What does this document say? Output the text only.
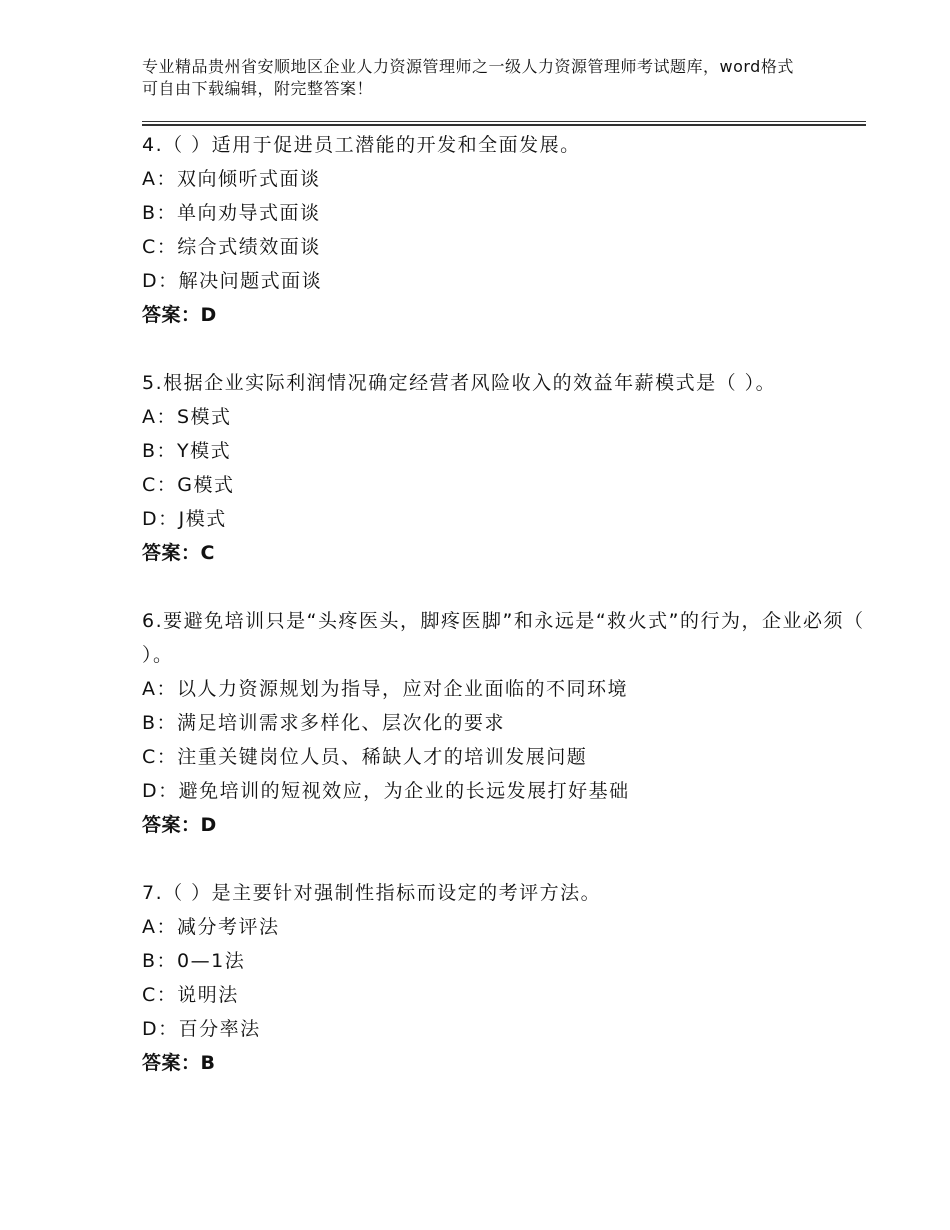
专业精品贵州省安顺地区企业人力资源管理师之一级人力资源管理师考试题库，word格式可自由下载编辑，附完整答案！
4.（ ）适用于促进员工潜能的开发和全面发展。
A：双向倾听式面谈
B：单向劝导式面谈
C：综合式绩效面谈
D：解决问题式面谈
答案：D
5.根据企业实际利润情况确定经营者风险收入的效益年薪模式是（ ）。
A：S模式
B：Y模式
C：G模式
D：J模式
答案：C
6.要避免培训只是“头疼医头，脚疼医脚”和永远是“救火式”的行为，企业必须（ ）。
A：以人力资源规划为指导，应对企业面临的不同环境
B：满足培训需求多样化、层次化的要求
C：注重关键岗位人员、稀缺人才的培训发展问题
D：避免培训的短视效应，为企业的长远发展打好基础
答案：D
7.（ ）是主要针对强制性指标而设定的考评方法。
A：减分考评法
B：0—1法
C：说明法
D：百分率法
答案：B
